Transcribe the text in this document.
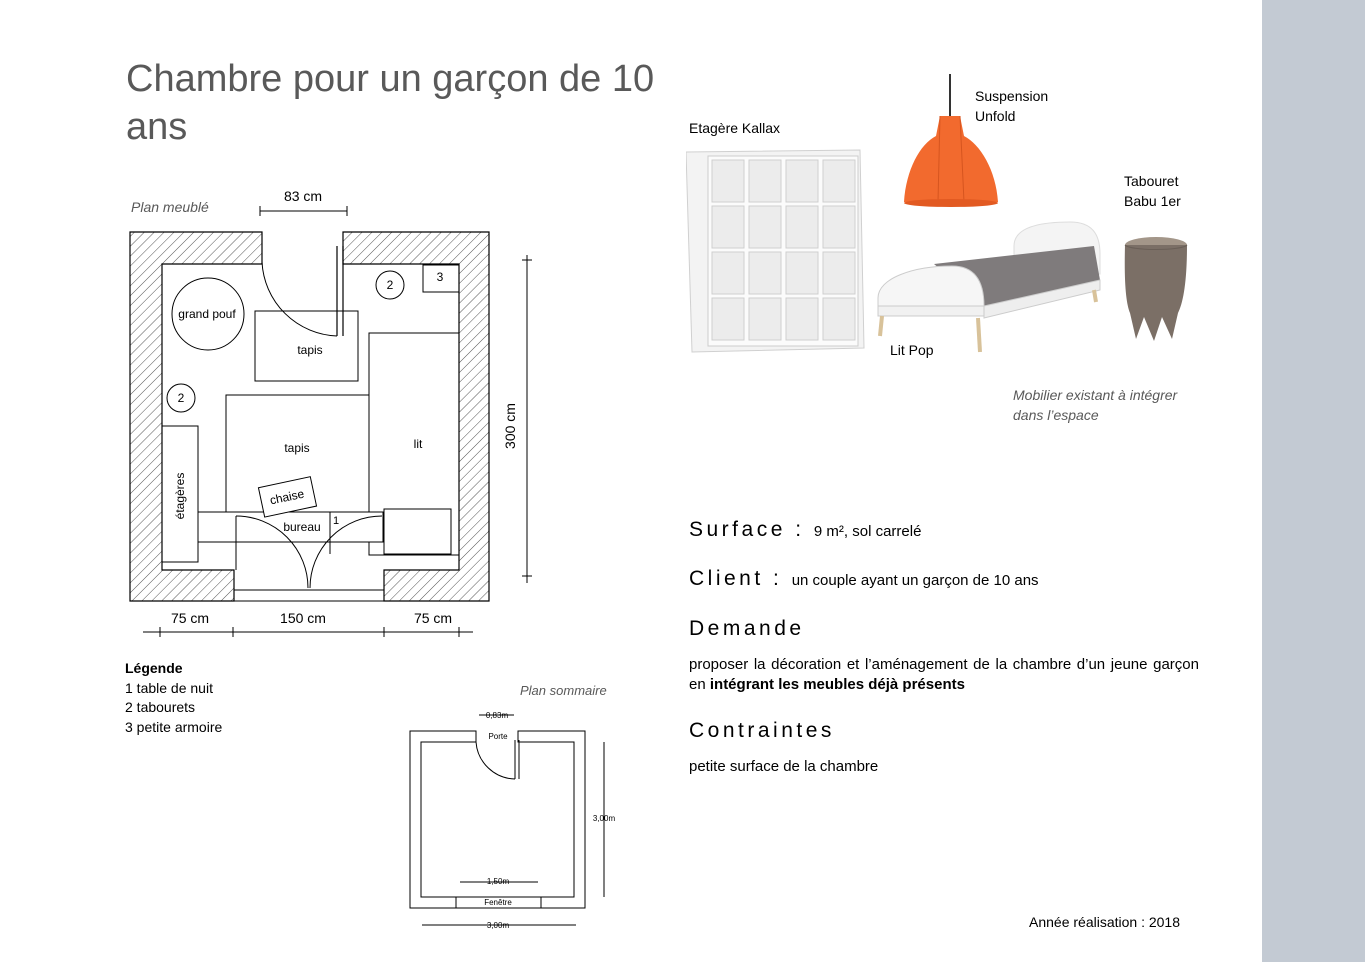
Chambre pour un garçon de 10 ans
Plan meublé
83 cm
300 cm
75 cm	150 cm	75 cm
grand pouf
tapis
2
3
2
lit
tapis
étagères
bureau
chaise
1
Légende
1 table de nuit
2 tabourets
3 petite armoire
Plan sommaire
0,83m
Porte
3,00m
1,50m
Fenêtre
3,00m
Etagère Kallax
Suspension
Unfold
Tabouret
Babu 1er
Lit Pop
Mobilier existant à intégrer
dans l’espace
Surface : 9 m², sol carrelé
Client : un couple ayant un garçon de 10 ans
Demande
proposer la décoration et l’aménagement de la chambre d’un jeune garçon en intégrant les meubles déjà présents
Contraintes
petite surface de la chambre
Année réalisation : 2018
